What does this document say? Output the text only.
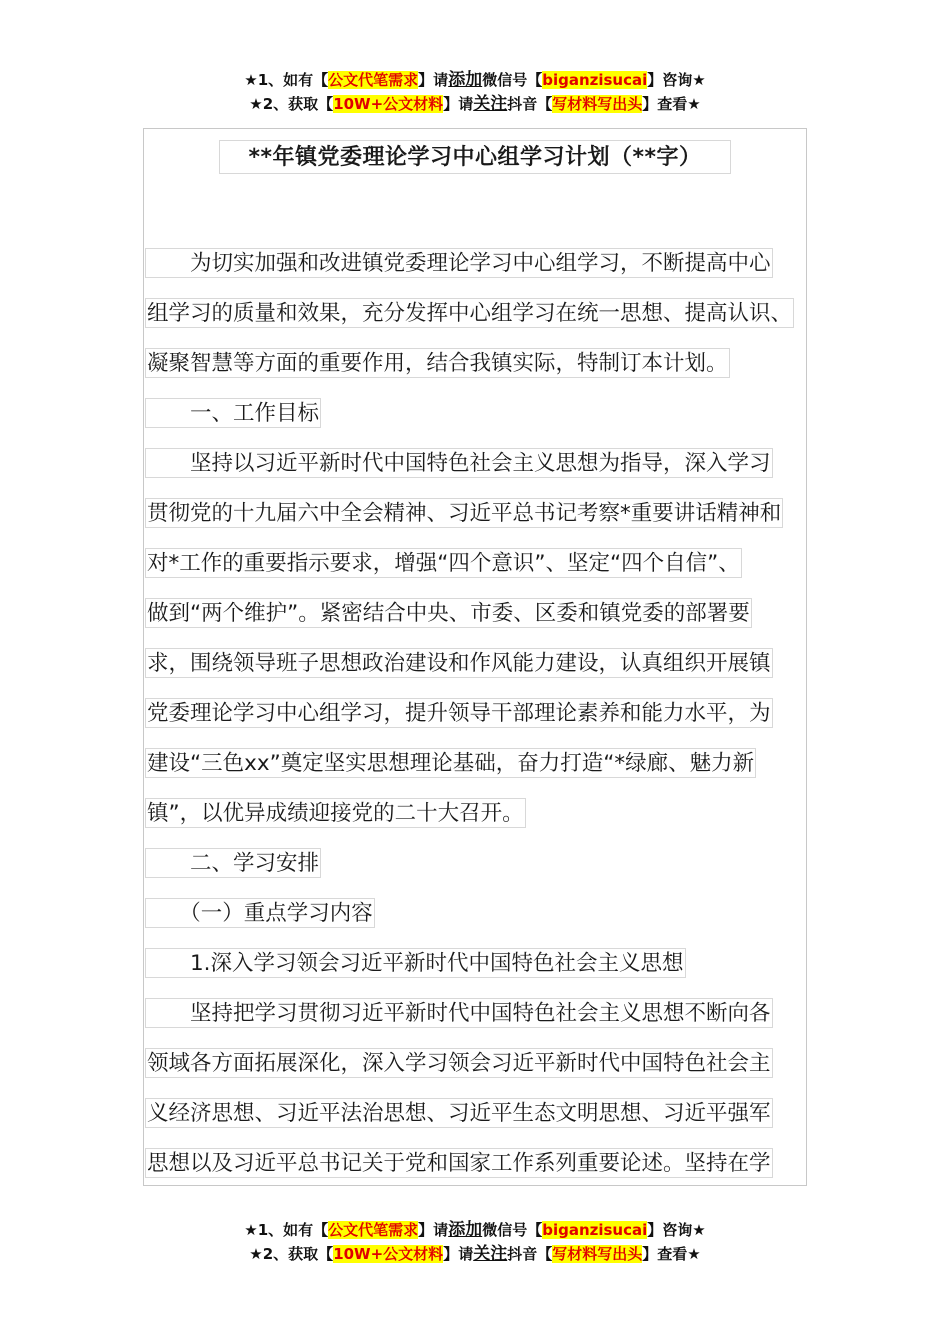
★1、如有【公文代笔需求】请添加微信号【biganzisucai】咨询★
★2、获取【10W+公文材料】请关注抖音【写材料写出头】查看★
**年镇党委理论学习中心组学习计划（**字）
　　为切实加强和改进镇党委理论学习中心组学习，不断提高中心
组学习的质量和效果，充分发挥中心组学习在统一思想、提高认识、
凝聚智慧等方面的重要作用，结合我镇实际，特制订本计划。
　　一、工作目标
　　坚持以习近平新时代中国特色社会主义思想为指导，深入学习
贯彻党的十九届六中全会精神、习近平总书记考察*重要讲话精神和
对*工作的重要指示要求，增强“四个意识”、坚定“四个自信”、
做到“两个维护”。紧密结合中央、市委、区委和镇党委的部署要
求，围绕领导班子思想政治建设和作风能力建设，认真组织开展镇
党委理论学习中心组学习，提升领导干部理论素养和能力水平，为
建设“三色xx”奠定坚实思想理论基础，奋力打造“*绿廊、魅力新
镇”，以优异成绩迎接党的二十大召开。
　　二、学习安排
　　（一）重点学习内容
　　1.深入学习领会习近平新时代中国特色社会主义思想
　　坚持把学习贯彻习近平新时代中国特色社会主义思想不断向各
领域各方面拓展深化，深入学习领会习近平新时代中国特色社会主
义经济思想、习近平法治思想、习近平生态文明思想、习近平强军
思想以及习近平总书记关于党和国家工作系列重要论述。坚持在学
★1、如有【公文代笔需求】请添加微信号【biganzisucai】咨询★
★2、获取【10W+公文材料】请关注抖音【写材料写出头】查看★
